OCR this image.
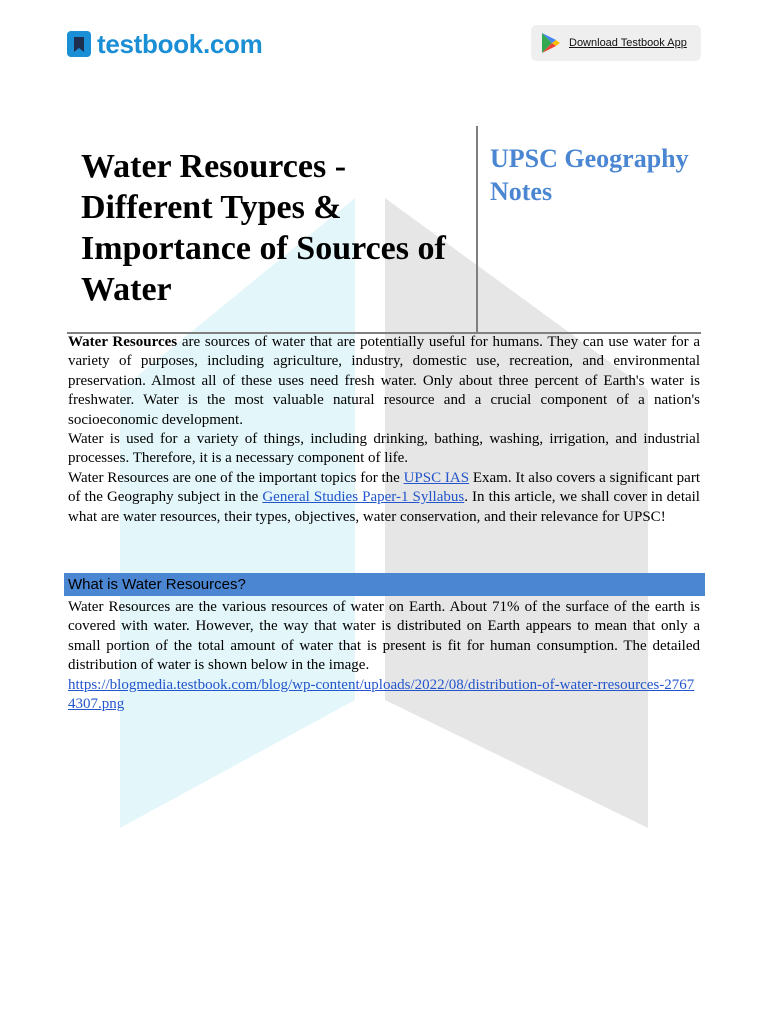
testbook.com	Download Testbook App
Water Resources - Different Types & Importance of Sources of Water
UPSC Geography Notes

Water Resources are sources of water that are potentially useful for humans. They can use water for a variety of purposes, including agriculture, industry, domestic use, recreation, and environmental preservation. Almost all of these uses need fresh water. Only about three percent of Earth's water is freshwater. Water is the most valuable natural resource and a crucial component of a nation's socioeconomic development.

Water is used for a variety of things, including drinking, bathing, washing, irrigation, and industrial processes. Therefore, it is a necessary component of life.

Water Resources are one of the important topics for the UPSC IAS Exam. It also covers a significant part of the Geography subject in the General Studies Paper-1 Syllabus. In this article, we shall cover in detail what are water resources, their types, objectives, water conservation, and their relevance for UPSC!

What is Water Resources?

Water Resources are the various resources of water on Earth. About 71% of the surface of the earth is covered with water. However, the way that water is distributed on Earth appears to mean that only a small portion of the total amount of water that is present is fit for human consumption. The detailed distribution of water is shown below in the image.

https://blogmedia.testbook.com/blog/wp-content/uploads/2022/08/distribution-of-water-rresources-27674307.png
